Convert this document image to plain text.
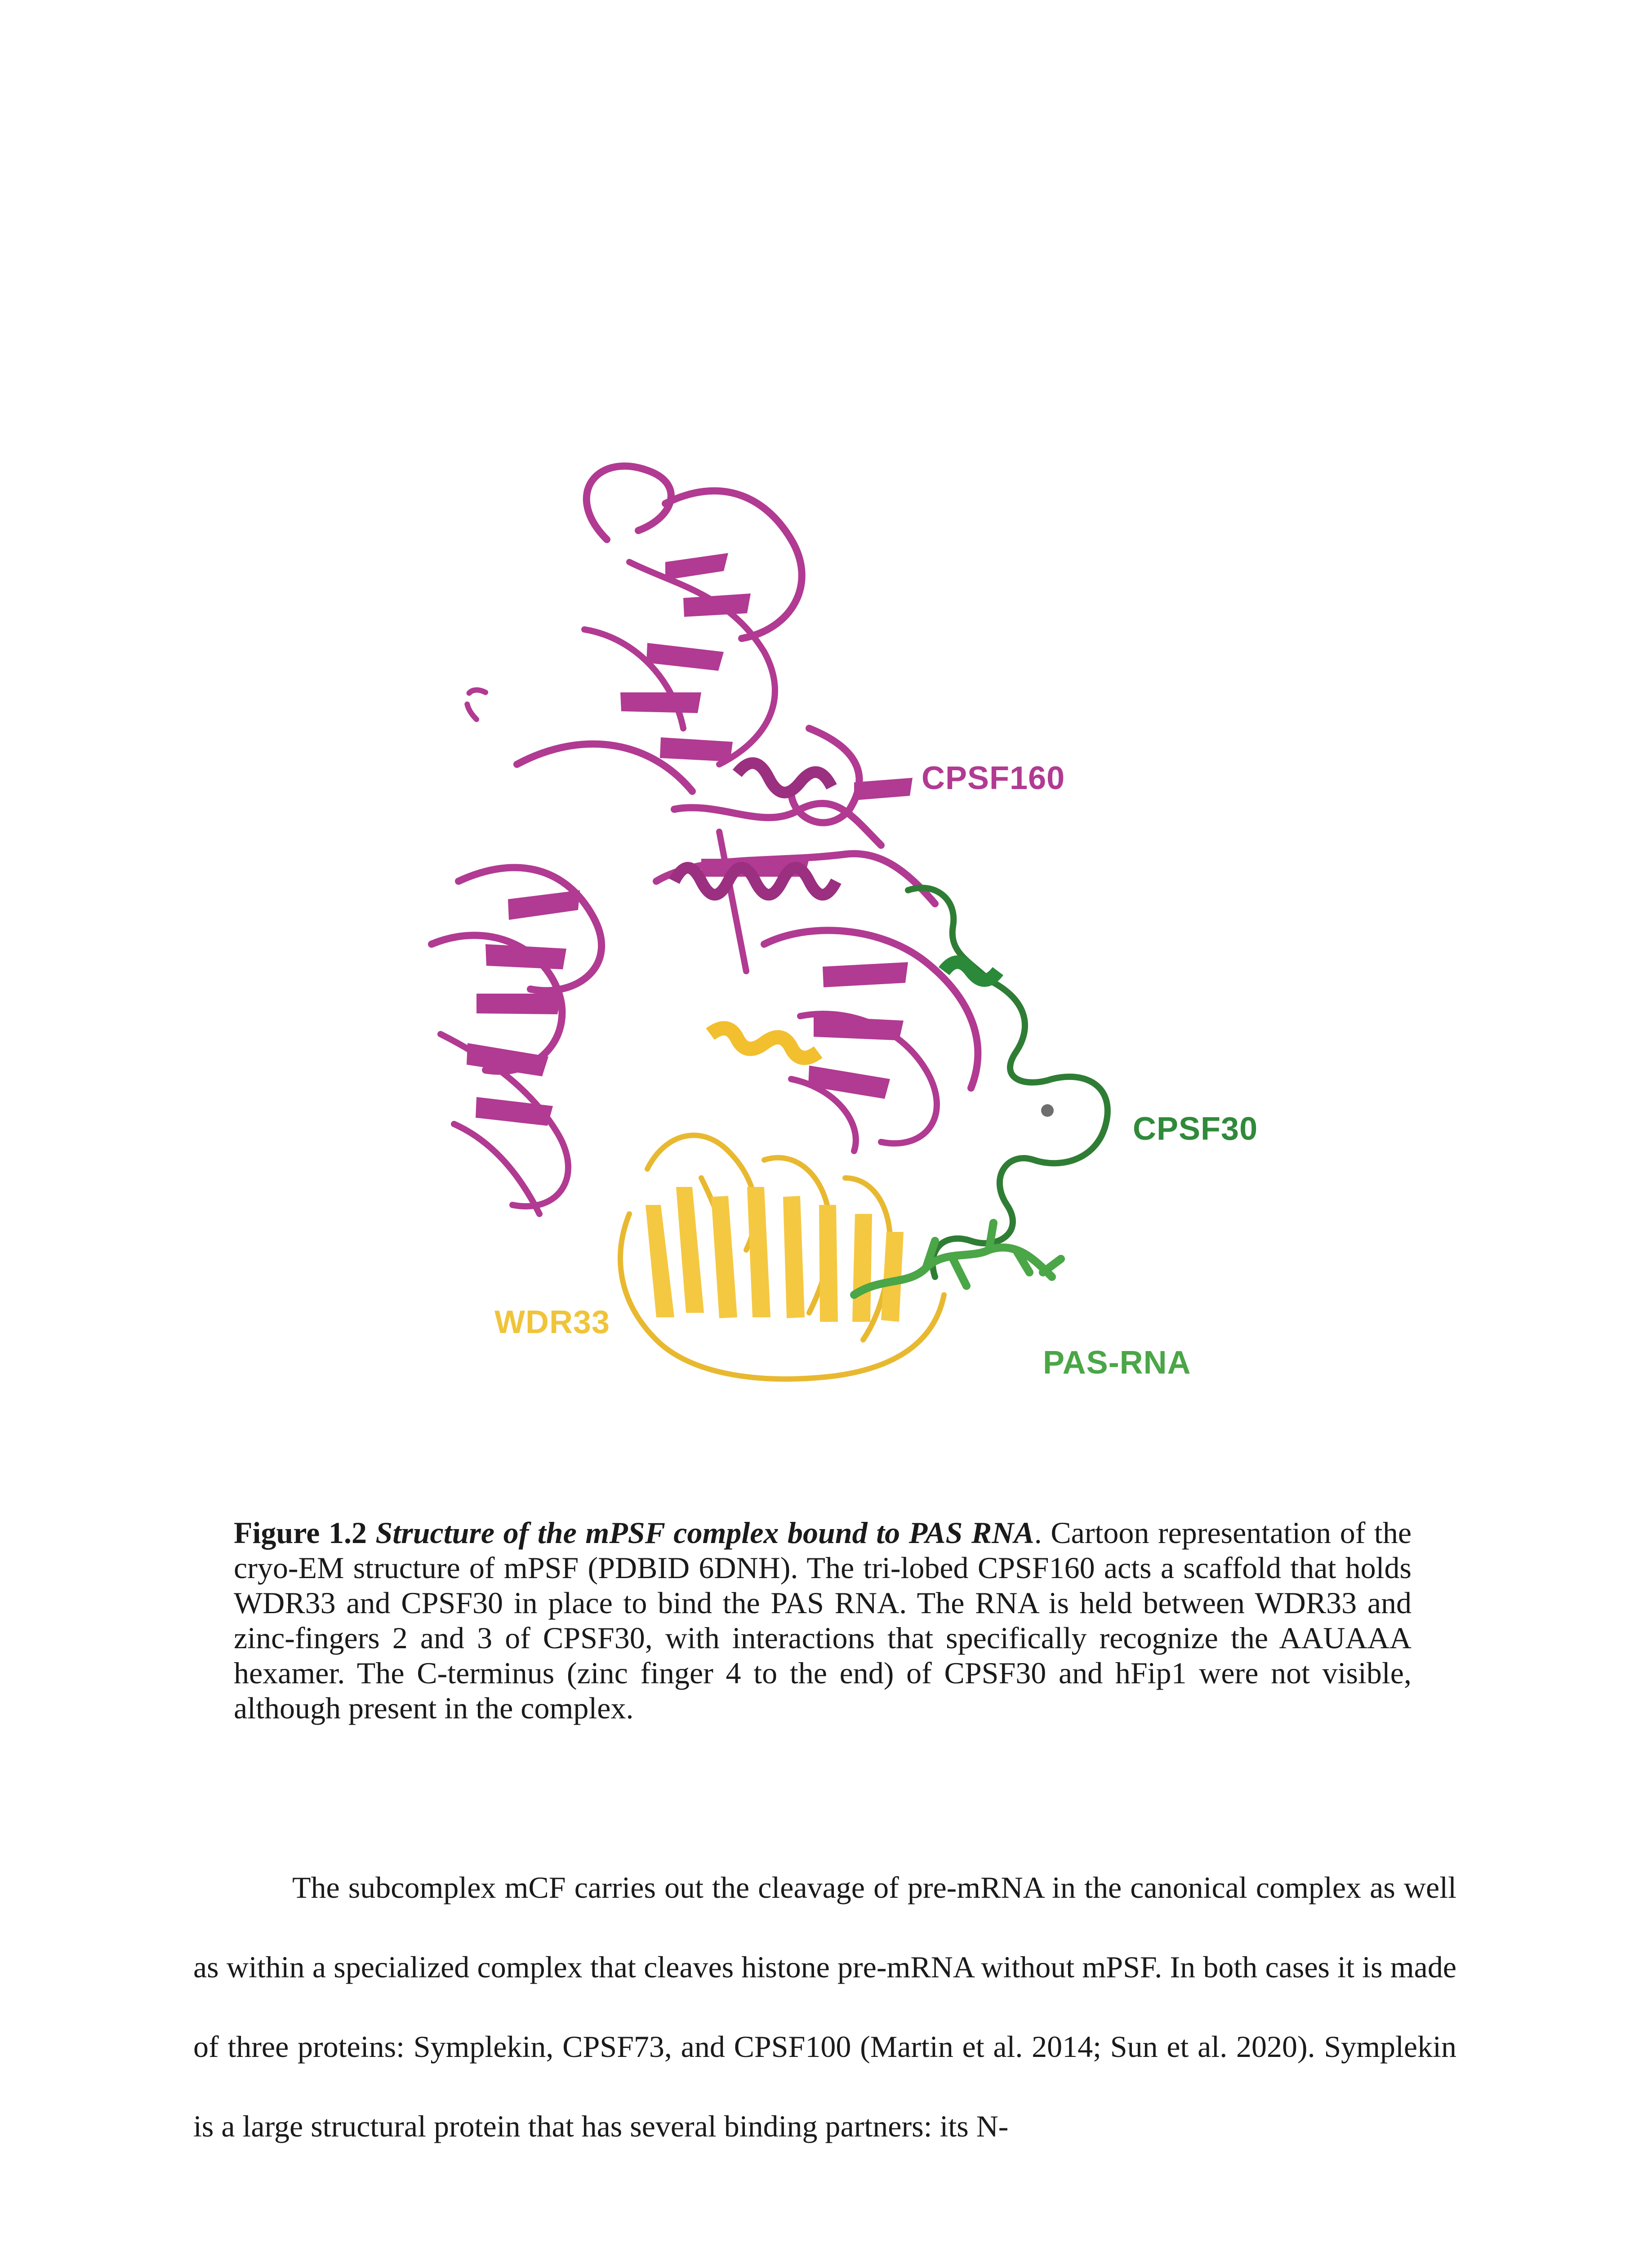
CPSF160
CPSF30
WDR33
PAS-RNA
Figure 1.2 Structure of the mPSF complex bound to PAS RNA. Cartoon representation of the cryo-EM structure of mPSF (PDBID 6DNH). The tri-lobed CPSF160 acts a scaffold that holds WDR33 and CPSF30 in place to bind the PAS RNA. The RNA is held between WDR33 and zinc-fingers 2 and 3 of CPSF30, with interactions that specifically recognize the AAUAAA hexamer. The C-terminus (zinc finger 4 to the end) of CPSF30 and hFip1 were not visible, although present in the complex.

The subcomplex mCF carries out the cleavage of pre-mRNA in the canonical complex as well as within a specialized complex that cleaves histone pre-mRNA without mPSF. In both cases it is made of three proteins: Symplekin, CPSF73, and CPSF100 (Martin et al. 2014; Sun et al. 2020). Symplekin is a large structural protein that has several binding partners: its N-
